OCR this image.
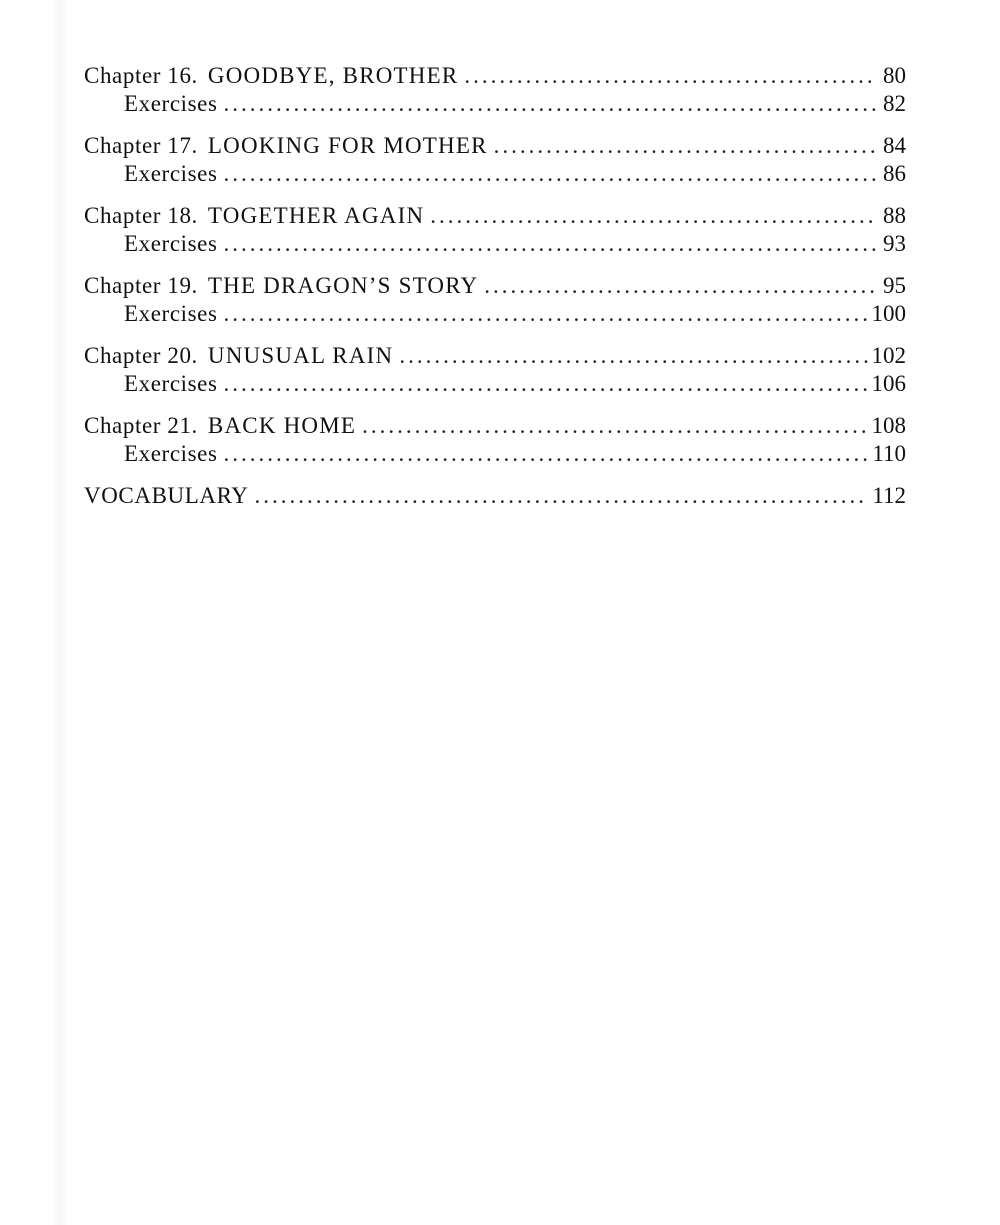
Chapter 16. GOODBYE, BROTHER .....	80
Exercises .....	82
Chapter 17. LOOKING FOR MOTHER .....	84
Exercises .....	86
Chapter 18. TOGETHER AGAIN .....	88
Exercises .....	93
Chapter 19. THE DRAGON’S STORY .....	95
Exercises .....	100
Chapter 20. UNUSUAL RAIN .....	102
Exercises .....	106
Chapter 21. BACK HOME .....	108
Exercises .....	110
VOCABULARY .....	112
